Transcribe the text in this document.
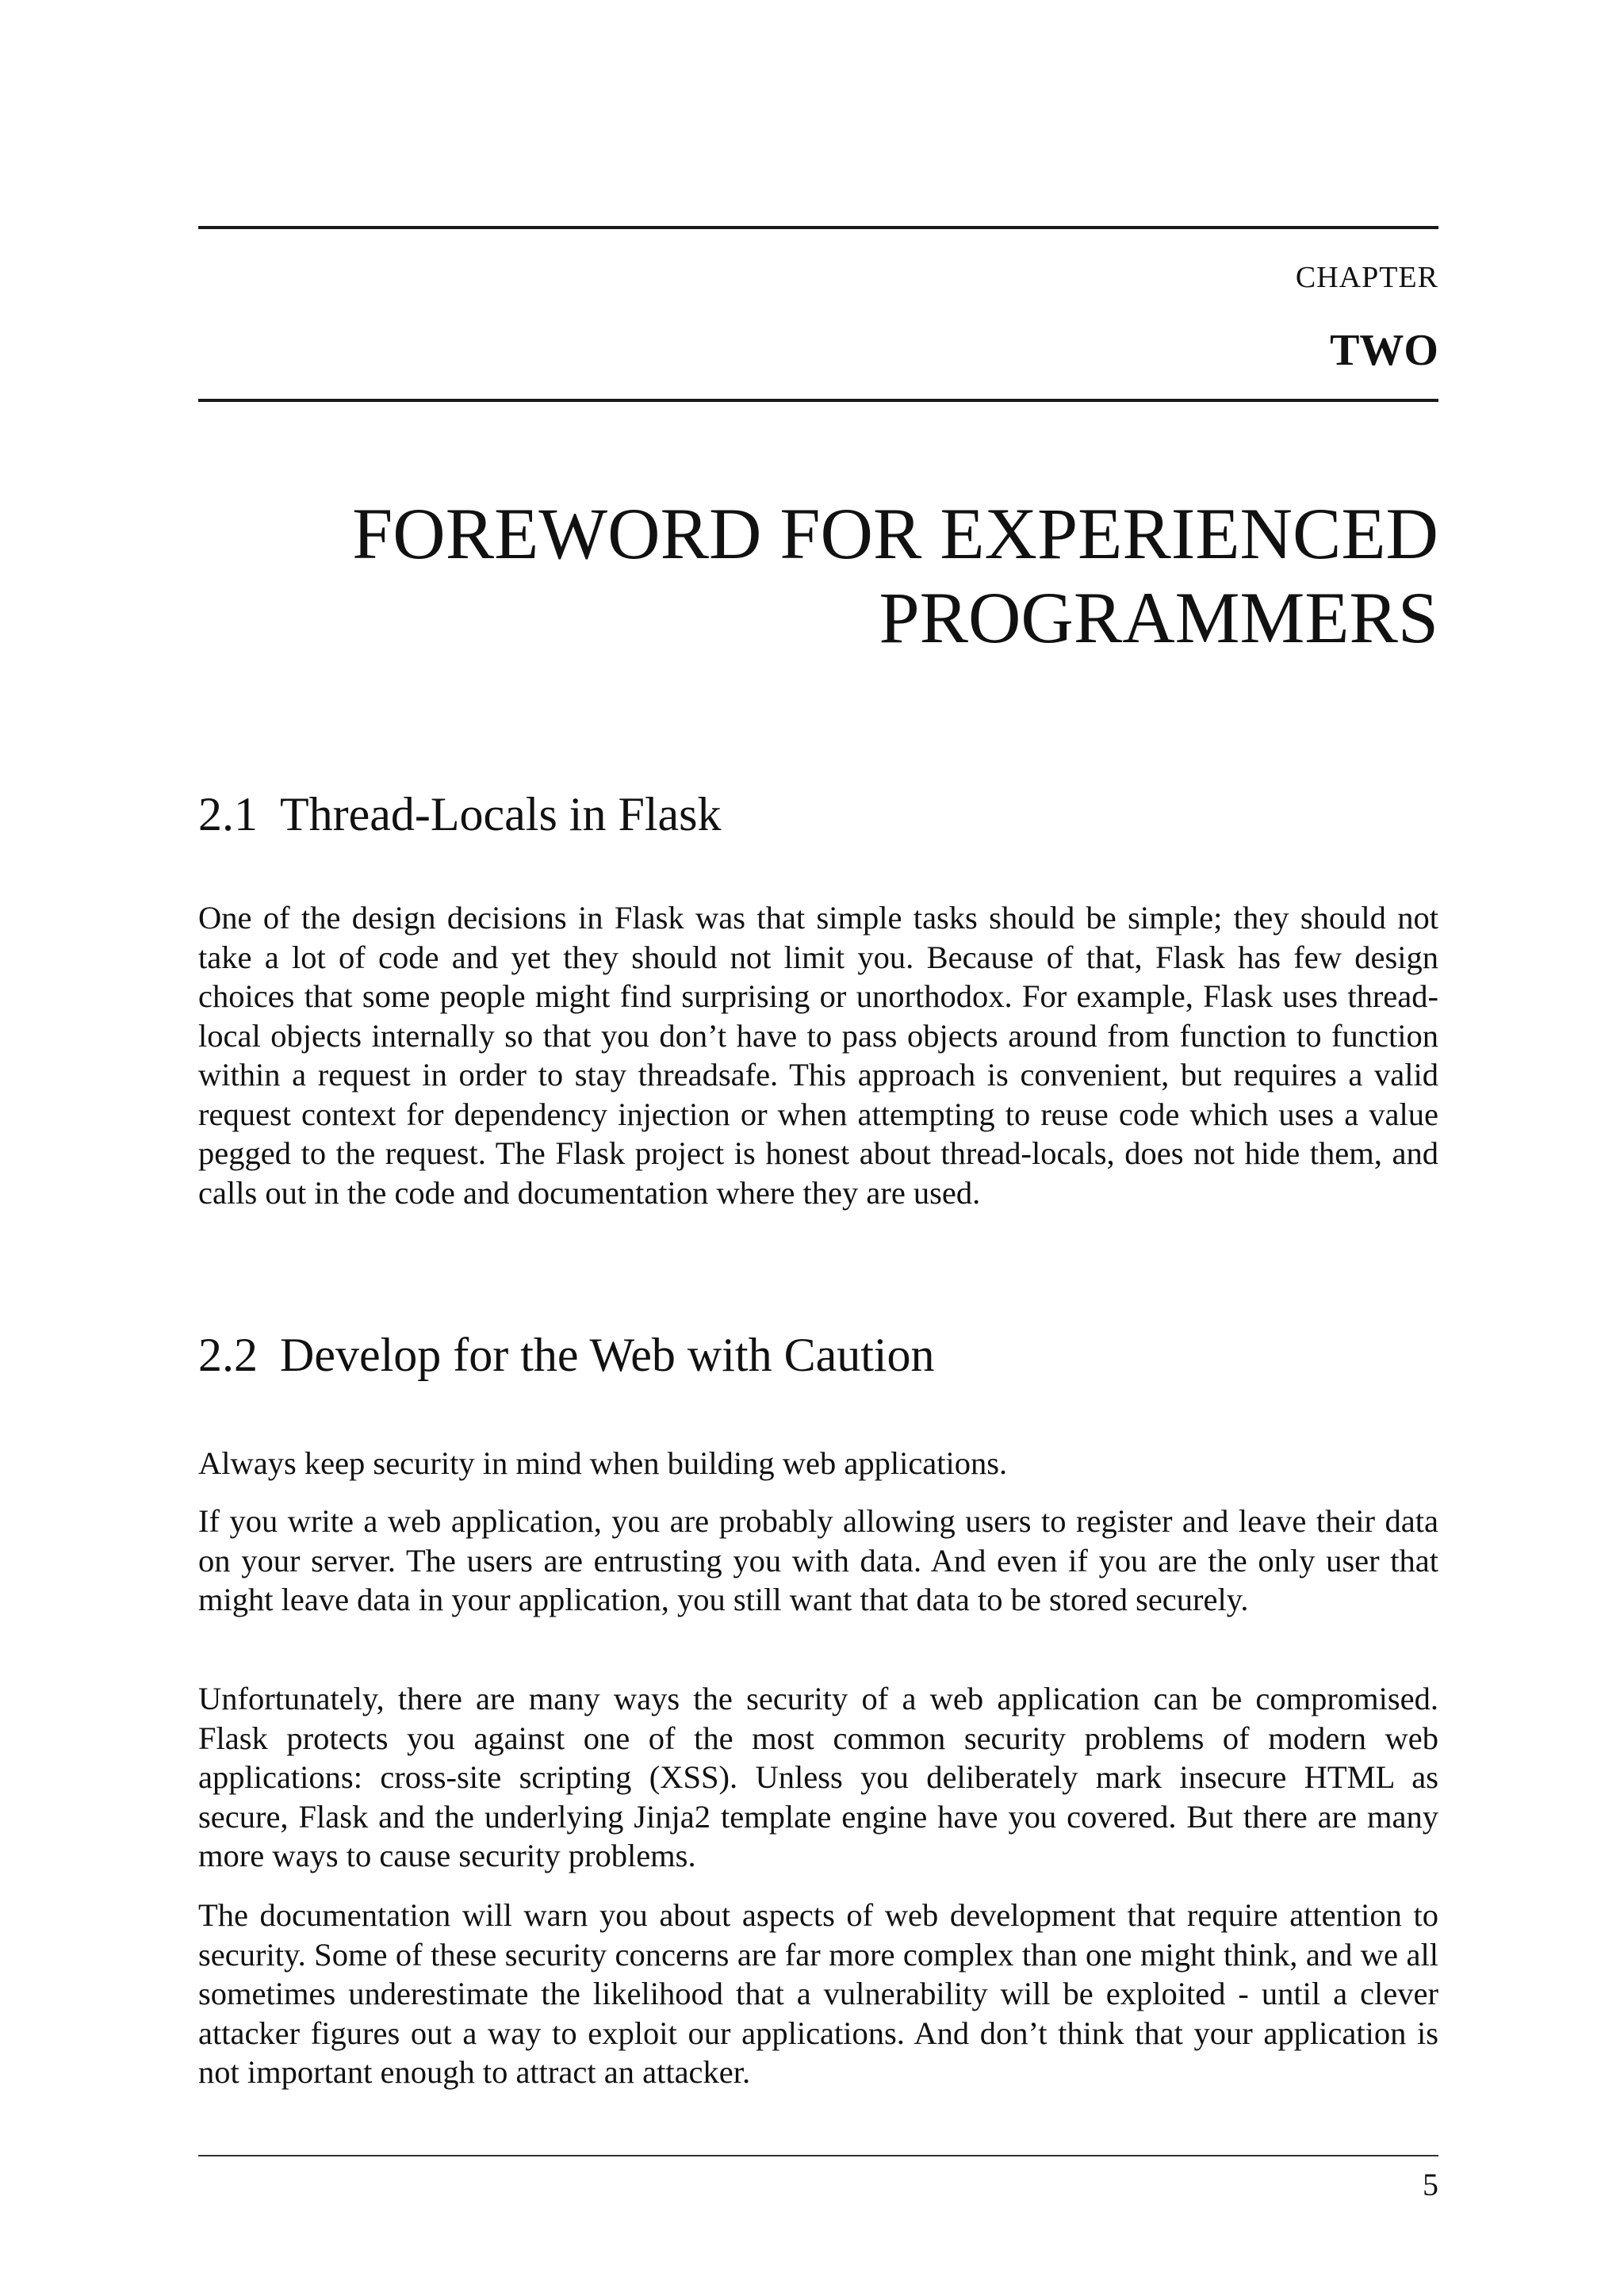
CHAPTER
TWO
FOREWORD FOR EXPERIENCED PROGRAMMERS
2.1 Thread-Locals in Flask

One of the design decisions in Flask was that simple tasks should be simple; they should not take a lot of code and yet they should not limit you. Because of that, Flask has few design choices that some people might find surprising or unorthodox. For example, Flask uses thread-local objects internally so that you don’t have to pass objects around from function to function within a request in order to stay threadsafe. This approach is convenient, but requires a valid request context for dependency injection or when attempting to reuse code which uses a value pegged to the request. The Flask project is honest about thread-locals, does not hide them, and calls out in the code and documentation where they are used.

2.2 Develop for the Web with Caution

Always keep security in mind when building web applications.

If you write a web application, you are probably allowing users to register and leave their data on your server. The users are entrusting you with data. And even if you are the only user that might leave data in your application, you still want that data to be stored securely.

Unfortunately, there are many ways the security of a web application can be compromised. Flask protects you against one of the most common security problems of modern web applications: cross-site scripting (XSS). Unless you deliberately mark insecure HTML as secure, Flask and the underlying Jinja2 template engine have you covered. But there are many more ways to cause security problems.

The documentation will warn you about aspects of web development that require attention to security. Some of these security concerns are far more complex than one might think, and we all sometimes underestimate the likelihood that a vulnerability will be exploited - until a clever attacker figures out a way to exploit our applications. And don’t think that your application is not important enough to attract an attacker.

5
